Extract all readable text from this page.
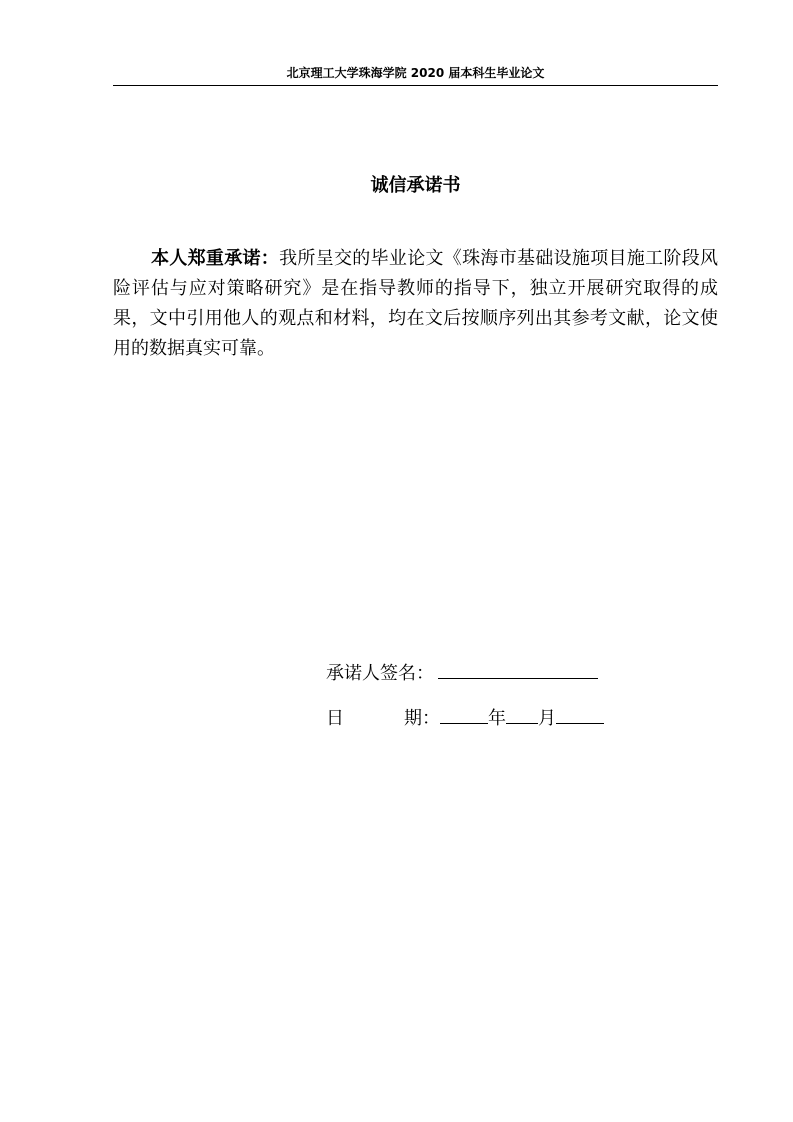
北京理工大学珠海学院 2020 届本科生毕业论文
诚信承诺书

本人郑重承诺：我所呈交的毕业论文《珠海市基础设施项目施工阶段风险评估与应对策略研究》是在指导教师的指导下，独立开展研究取得的成果，文中引用他人的观点和材料，均在文后按顺序列出其参考文献，论文使用的数据真实可靠。

承诺人签名：
日	期：	年 月
